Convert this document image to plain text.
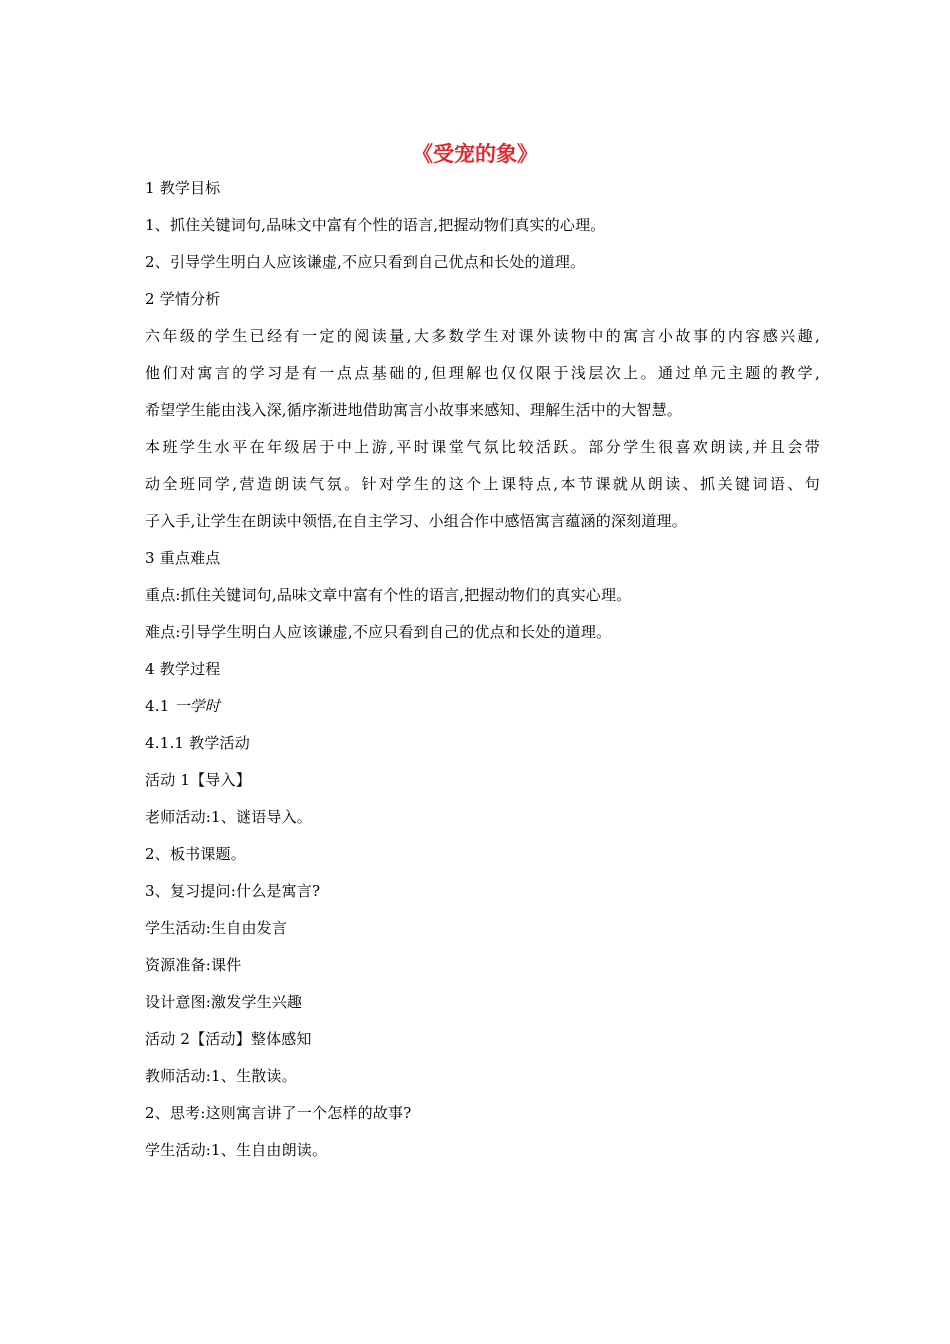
《受宠的象》
1 教学目标
1、抓住关键词句,品味文中富有个性的语言,把握动物们真实的心理。
2、引导学生明白人应该谦虚,不应只看到自己优点和长处的道理。
2 学情分析
六年级的学生已经有一定的阅读量,大多数学生对课外读物中的寓言小故事的内容感兴趣,
他们对寓言的学习是有一点点基础的,但理解也仅仅限于浅层次上。通过单元主题的教学,
希望学生能由浅入深,循序渐进地借助寓言小故事来感知、理解生活中的大智慧。
本班学生水平在年级居于中上游,平时课堂气氛比较活跃。部分学生很喜欢朗读,并且会带
动全班同学,营造朗读气氛。针对学生的这个上课特点,本节课就从朗读、抓关键词语、句
子入手,让学生在朗读中领悟,在自主学习、小组合作中感悟寓言蕴涵的深刻道理。
3 重点难点
重点:抓住关键词句,品味文章中富有个性的语言,把握动物们的真实心理。
难点:引导学生明白人应该谦虚,不应只看到自己的优点和长处的道理。
4 教学过程
4.1 一学时
4.1.1 教学活动
活动 1【导入】
老师活动:1、谜语导入。
2、板书课题。
3、复习提问:什么是寓言?
学生活动:生自由发言
资源准备:课件
设计意图:激发学生兴趣
活动 2【活动】整体感知
教师活动:1、生散读。
2、思考:这则寓言讲了一个怎样的故事?
学生活动:1、生自由朗读。
